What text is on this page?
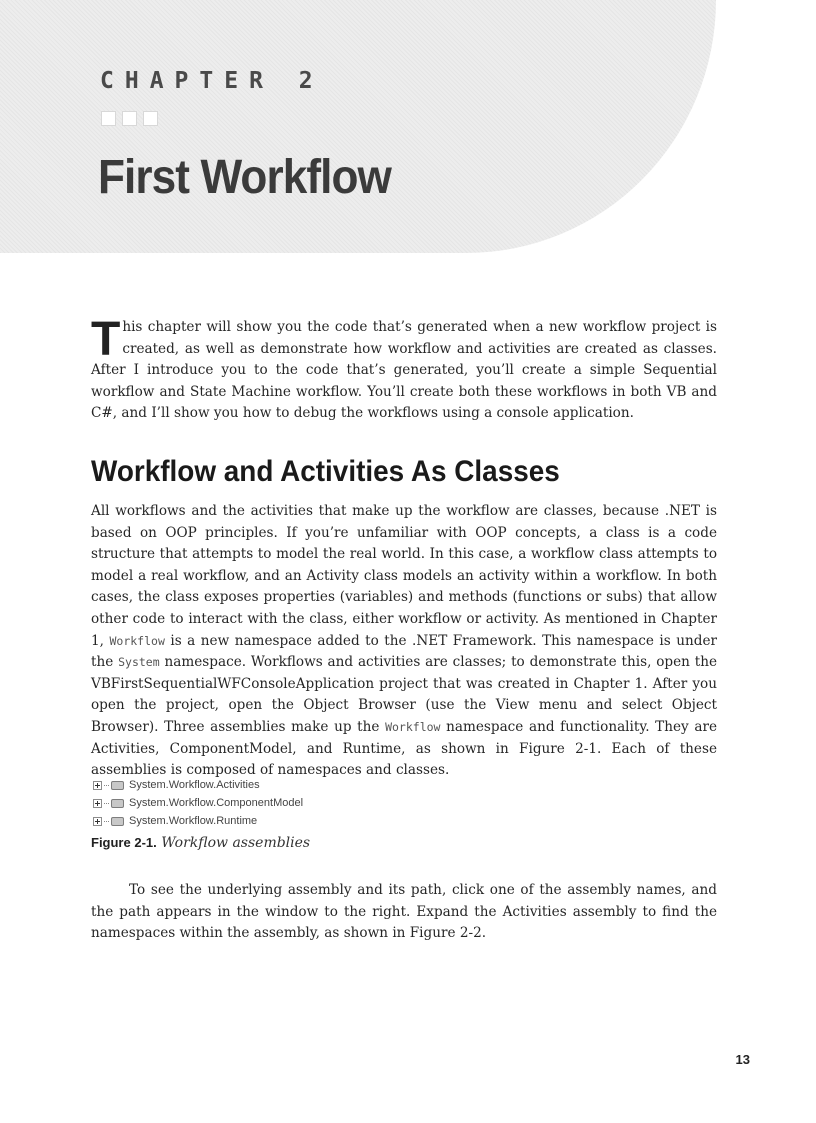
CHAPTER 2
First Workflow

This chapter will show you the code that’s generated when a new workflow project is created, as well as demonstrate how workflow and activities are created as classes. After I introduce you to the code that’s generated, you’ll create a simple Sequential workflow and State Machine workflow. You’ll create both these workflows in both VB and C#, and I’ll show you how to debug the workflows using a console application.

Workflow and Activities As Classes

All workflows and the activities that make up the workflow are classes, because .NET is based on OOP principles. If you’re unfamiliar with OOP concepts, a class is a code structure that attempts to model the real world. In this case, a workflow class attempts to model a real workflow, and an Activity class models an activity within a workflow. In both cases, the class exposes properties (variables) and methods (functions or subs) that allow other code to interact with the class, either workflow or activity. As mentioned in Chapter 1, Workflow is a new namespace added to the .NET Framework. This namespace is under the System namespace. Workflows and activities are classes; to demonstrate this, open the VBFirstSequentialWFConsoleApplication project that was created in Chapter 1. After you open the project, open the Object Browser (use the View menu and select Object Browser). Three assemblies make up the Workflow namespace and functionality. They are Activities, ComponentModel, and Runtime, as shown in Figure 2-1. Each of these assemblies is composed of namespaces and classes.

System.Workflow.Activities
System.Workflow.ComponentModel
System.Workflow.Runtime

Figure 2-1. Workflow assemblies

To see the underlying assembly and its path, click one of the assembly names, and the path appears in the window to the right. Expand the Activities assembly to find the namespaces within the assembly, as shown in Figure 2-2.

13
